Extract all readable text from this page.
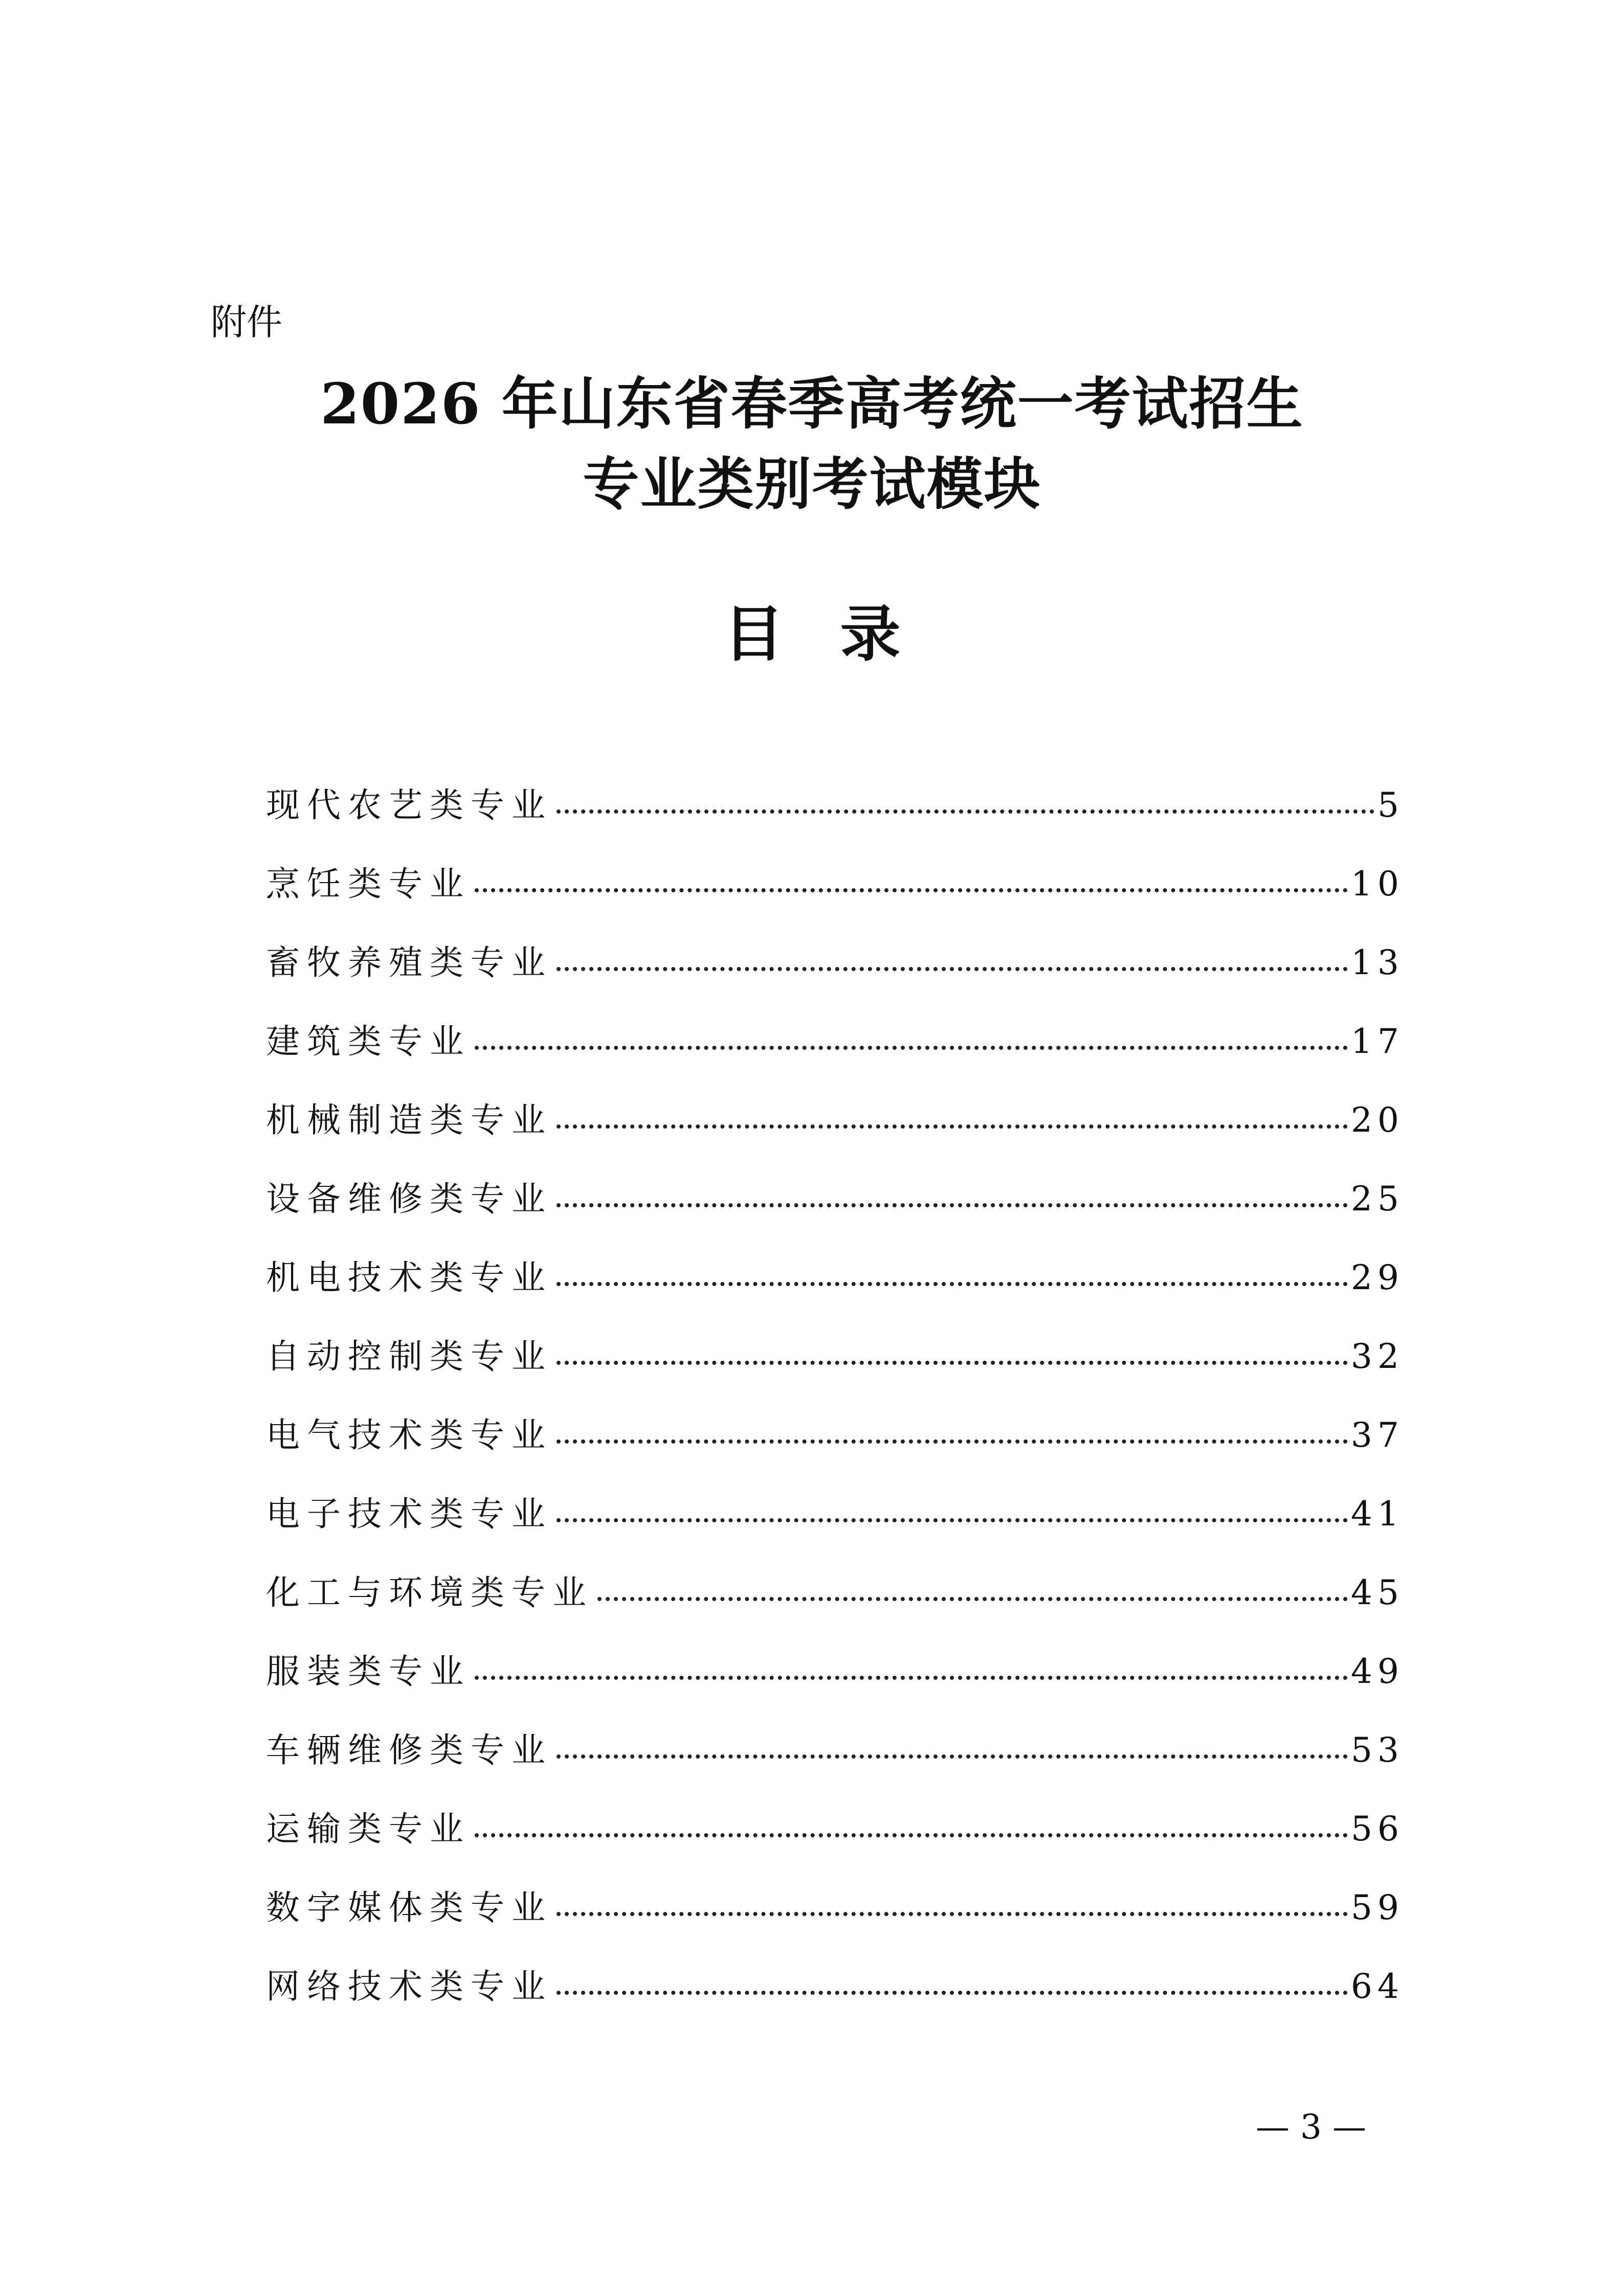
附件
2026 年山东省春季高考统一考试招生
专业类别考试模块
目录
现代农艺类专业	5
烹饪类专业	10
畜牧养殖类专业	13
建筑类专业	17
机械制造类专业	20
设备维修类专业	25
机电技术类专业	29
自动控制类专业	32
电气技术类专业	37
电子技术类专业	41
化工与环境类专业	45
服装类专业	49
车辆维修类专业	53
运输类专业	56
数字媒体类专业	59
网络技术类专业	64
— 3 —
